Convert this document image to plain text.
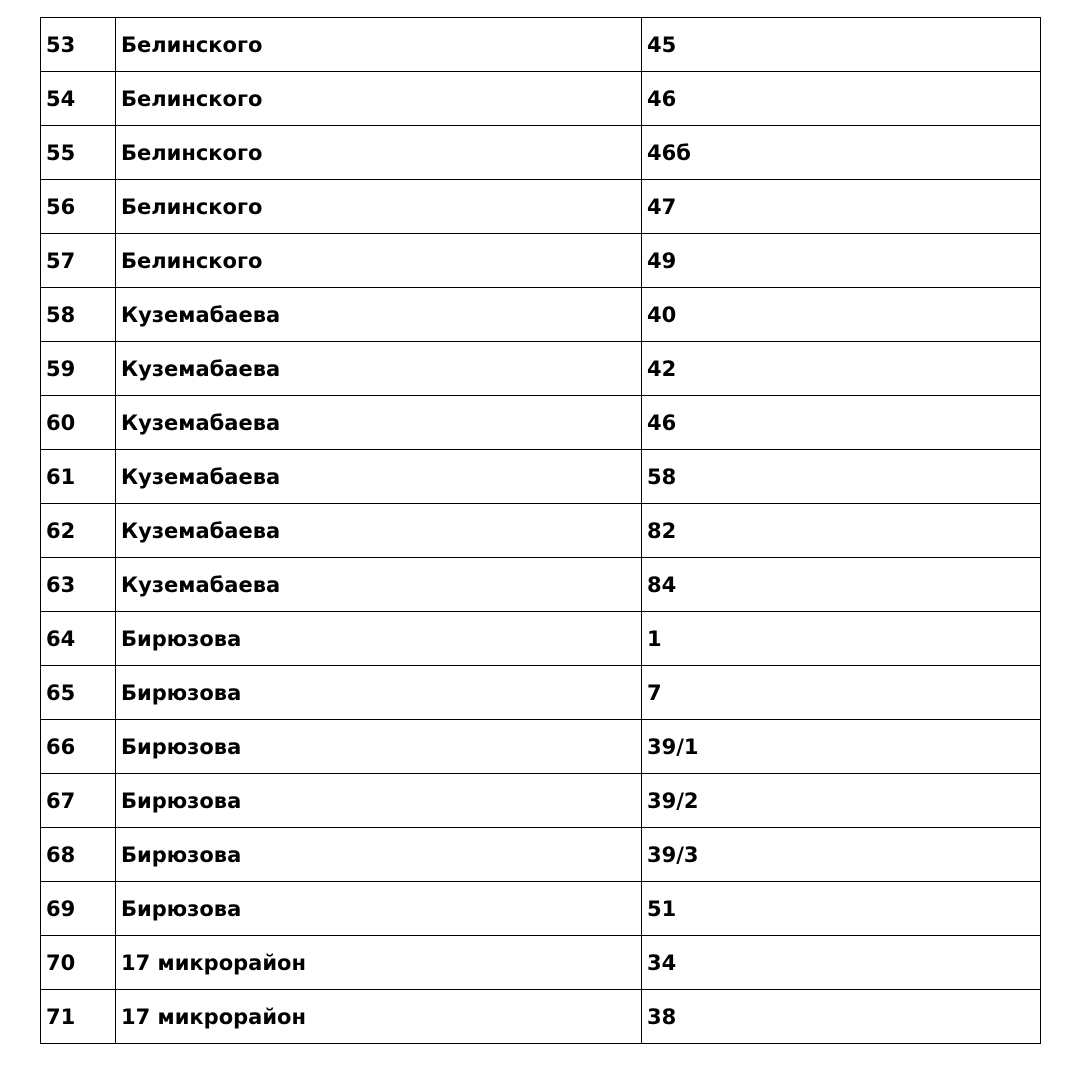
53	Белинского	45
54	Белинского	46
55	Белинского	46б
56	Белинского	47
57	Белинского	49
58	Куземабаева	40
59	Куземабаева	42
60	Куземабаева	46
61	Куземабаева	58
62	Куземабаева	82
63	Куземабаева	84
64	Бирюзова	1
65	Бирюзова	7
66	Бирюзова	39/1
67	Бирюзова	39/2
68	Бирюзова	39/3
69	Бирюзова	51
70	17 микрорайон	34
71	17 микрорайон	38
